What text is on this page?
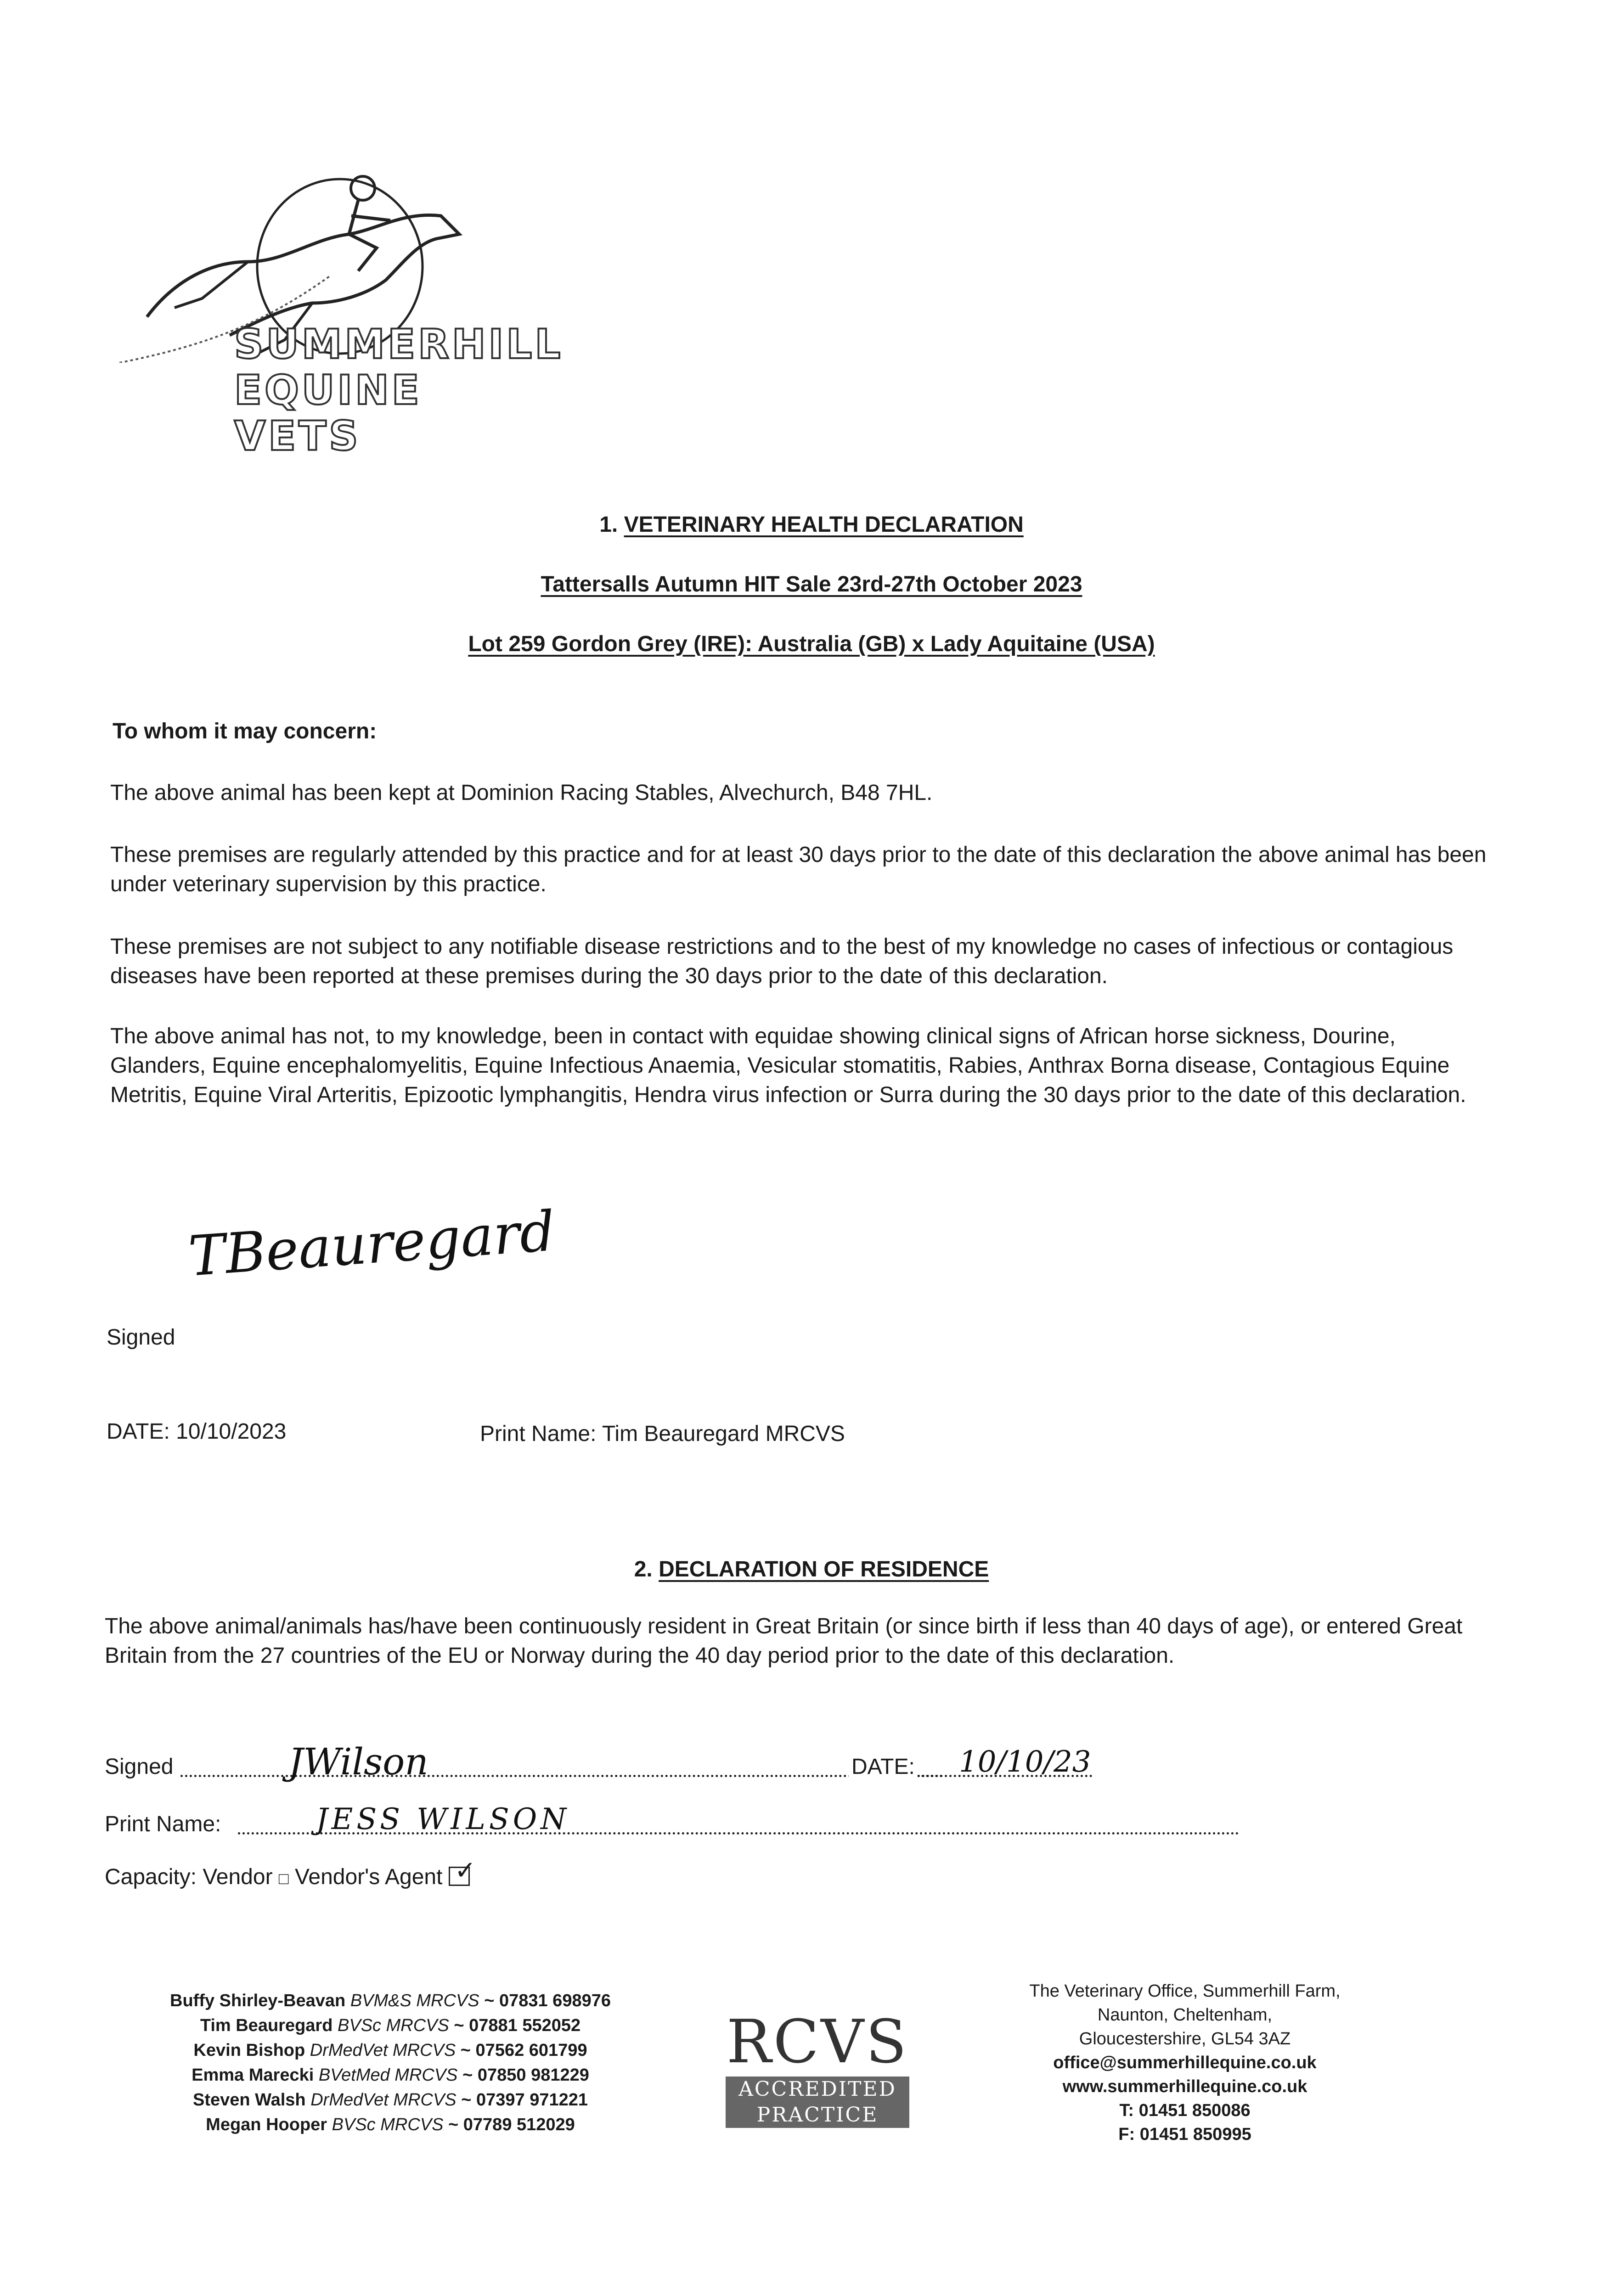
SUMMERHILL
EQUINE VETS
1. VETERINARY HEALTH DECLARATION
Tattersalls Autumn HIT Sale 23rd-27th October 2023
Lot 259 Gordon Grey (IRE): Australia (GB) x Lady Aquitaine (USA)
To whom it may concern:
The above animal has been kept at Dominion Racing Stables, Alvechurch, B48 7HL.
These premises are regularly attended by this practice and for at least 30 days prior to the date of this declaration the above animal has been under veterinary supervision by this practice.
These premises are not subject to any notifiable disease restrictions and to the best of my knowledge no cases of infectious or contagious diseases have been reported at these premises during the 30 days prior to the date of this declaration.
The above animal has not, to my knowledge, been in contact with equidae showing clinical signs of African horse sickness, Dourine, Glanders, Equine encephalomyelitis, Equine Infectious Anaemia, Vesicular stomatitis, Rabies, Anthrax Borna disease, Contagious Equine Metritis, Equine Viral Arteritis, Epizootic lymphangitis, Hendra virus infection or Surra during the 30 days prior to the date of this declaration.
TBeauregard
Signed
DATE: 10/10/2023	Print Name: Tim Beauregard MRCVS
2. DECLARATION OF RESIDENCE
The above animal/animals has/have been continuously resident in Great Britain (or since birth if less than 40 days of age), or entered Great Britain from the 27 countries of the EU or Norway during the 40 day period prior to the date of this declaration.
Signed	JWilson	DATE: 10/10/23
Print Name:	JESS WILSON
Capacity: Vendor □ Vendor's Agent ✓
Buffy Shirley-Beavan BVM&S MRCVS ~ 07831 698976
Tim Beauregard BVSc MRCVS ~ 07881 552052
Kevin Bishop DrMedVet MRCVS ~ 07562 601799
Emma Marecki BVetMed MRCVS ~ 07850 981229
Steven Walsh DrMedVet MRCVS ~ 07397 971221
Megan Hooper BVSc MRCVS ~ 07789 512029
RCVS
ACCREDITED
PRACTICE
The Veterinary Office, Summerhill Farm,
Naunton, Cheltenham,
Gloucestershire, GL54 3AZ
office@summerhillequine.co.uk
www.summerhillequine.co.uk
T: 01451 850086
F: 01451 850995
